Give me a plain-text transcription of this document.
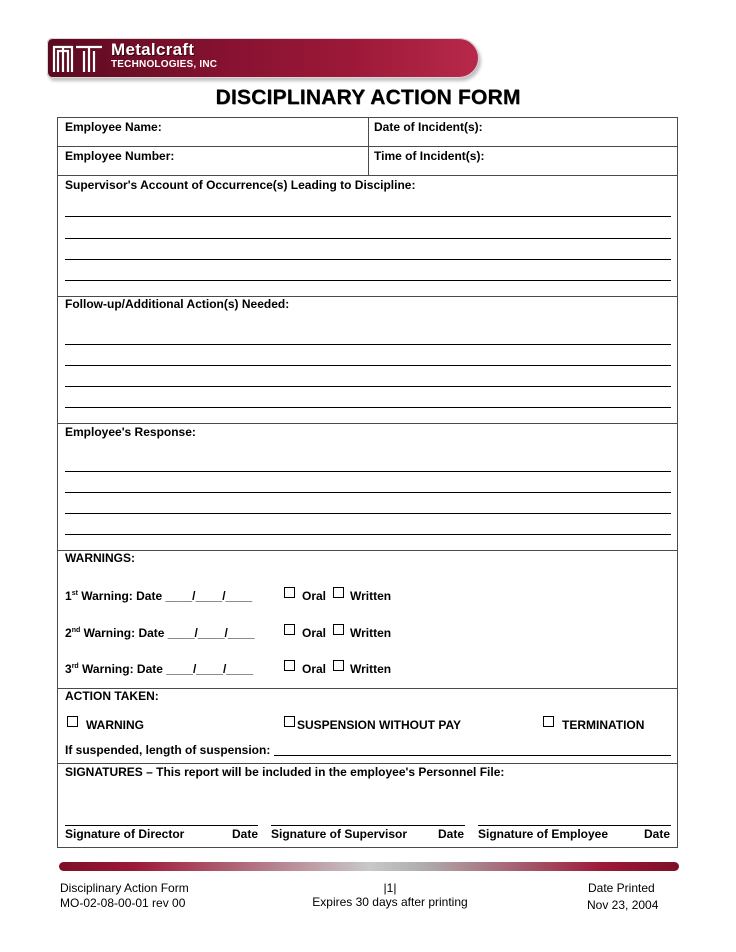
Metalcraft
TECHNOLOGIES, INC
DISCIPLINARY ACTION FORM
Employee Name:	Date of Incident(s):
Employee Number:	Time of Incident(s):
Supervisor's Account of Occurrence(s) Leading to Discipline:
Follow-up/Additional Action(s) Needed:
Employee's Response:
WARNINGS:
1st Warning: Date ____/____/____	Oral Written
2nd Warning: Date ____/____/____	Oral Written
3rd Warning: Date ____/____/____	Oral Written
ACTION TAKEN:
WARNING	SUSPENSION WITHOUT PAY	TERMINATION
If suspended, length of suspension:
SIGNATURES – This report will be included in the employee's Personnel File:
Signature of Director	Date Signature of Supervisor	Date Signature of Employee	Date
Disciplinary Action Form
MO-02-08-00-01 rev 00
|1|
Expires 30 days after printing
Date Printed
Nov 23, 2004
